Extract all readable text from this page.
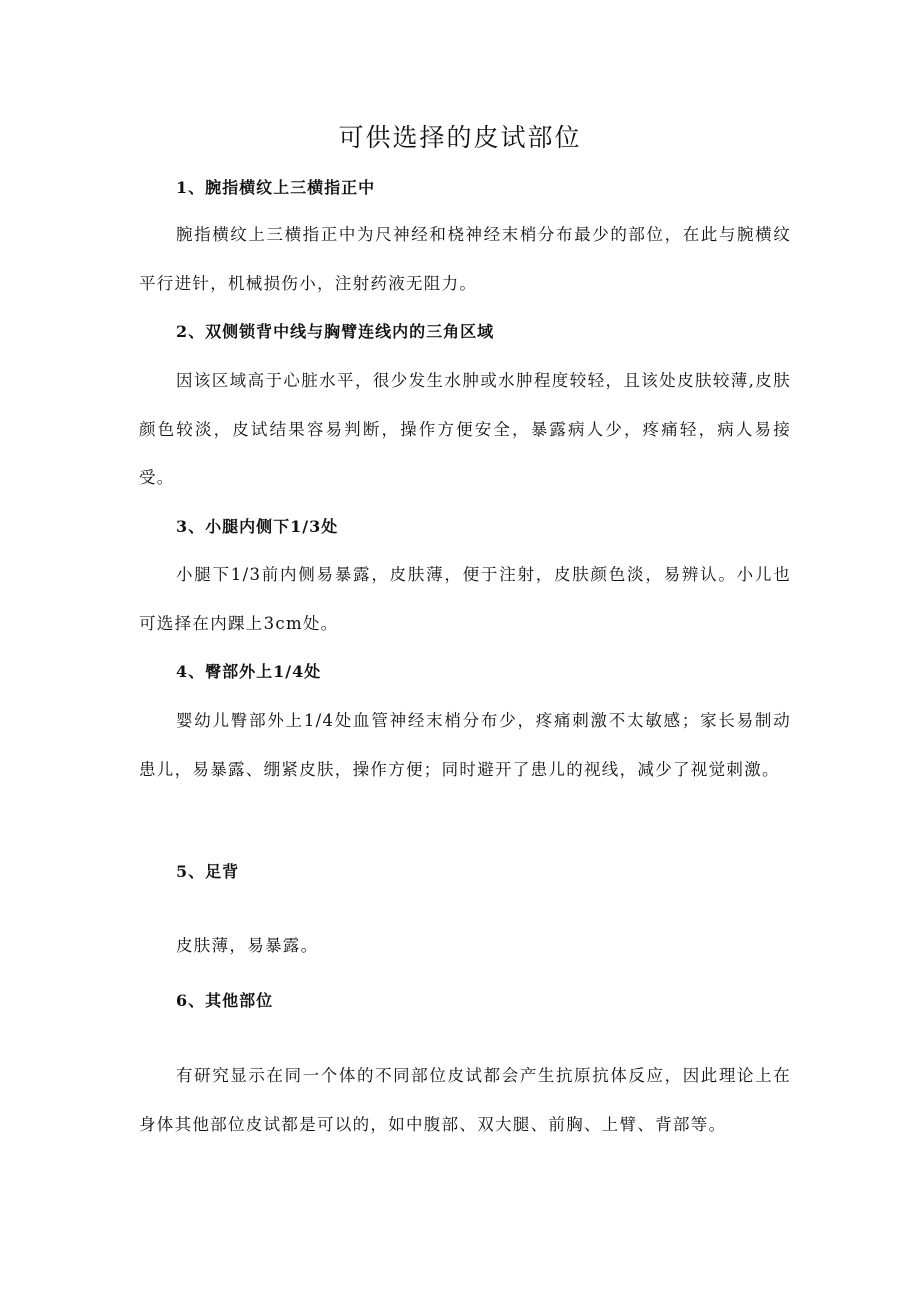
可供选择的皮试部位
1、腕指横纹上三横指正中

腕指横纹上三横指正中为尺神经和桡神经末梢分布最少的部位，在此与腕横纹平行进针，机械损伤小，注射药液无阻力。

2、双侧锁背中线与胸臂连线内的三角区域

因该区域高于心脏水平，很少发生水肿或水肿程度较轻，且该处皮肤较薄,皮肤颜色较淡，皮试结果容易判断，操作方便安全，暴露病人少，疼痛轻，病人易接受。

3、小腿内侧下1/3处

小腿下1/3前内侧易暴露，皮肤薄，便于注射，皮肤颜色淡，易辨认。小儿也可选择在内踝上3cm处。

4、臀部外上1/4处

婴幼儿臀部外上1/4处血管神经末梢分布少，疼痛刺激不太敏感；家长易制动患儿，易暴露、绷紧皮肤，操作方便；同时避开了患儿的视线，减少了视觉刺激。

5、足背

皮肤薄，易暴露。

6、其他部位

有研究显示在同一个体的不同部位皮试都会产生抗原抗体反应，因此理论上在身体其他部位皮试都是可以的，如中腹部、双大腿、前胸、上臂、背部等。
